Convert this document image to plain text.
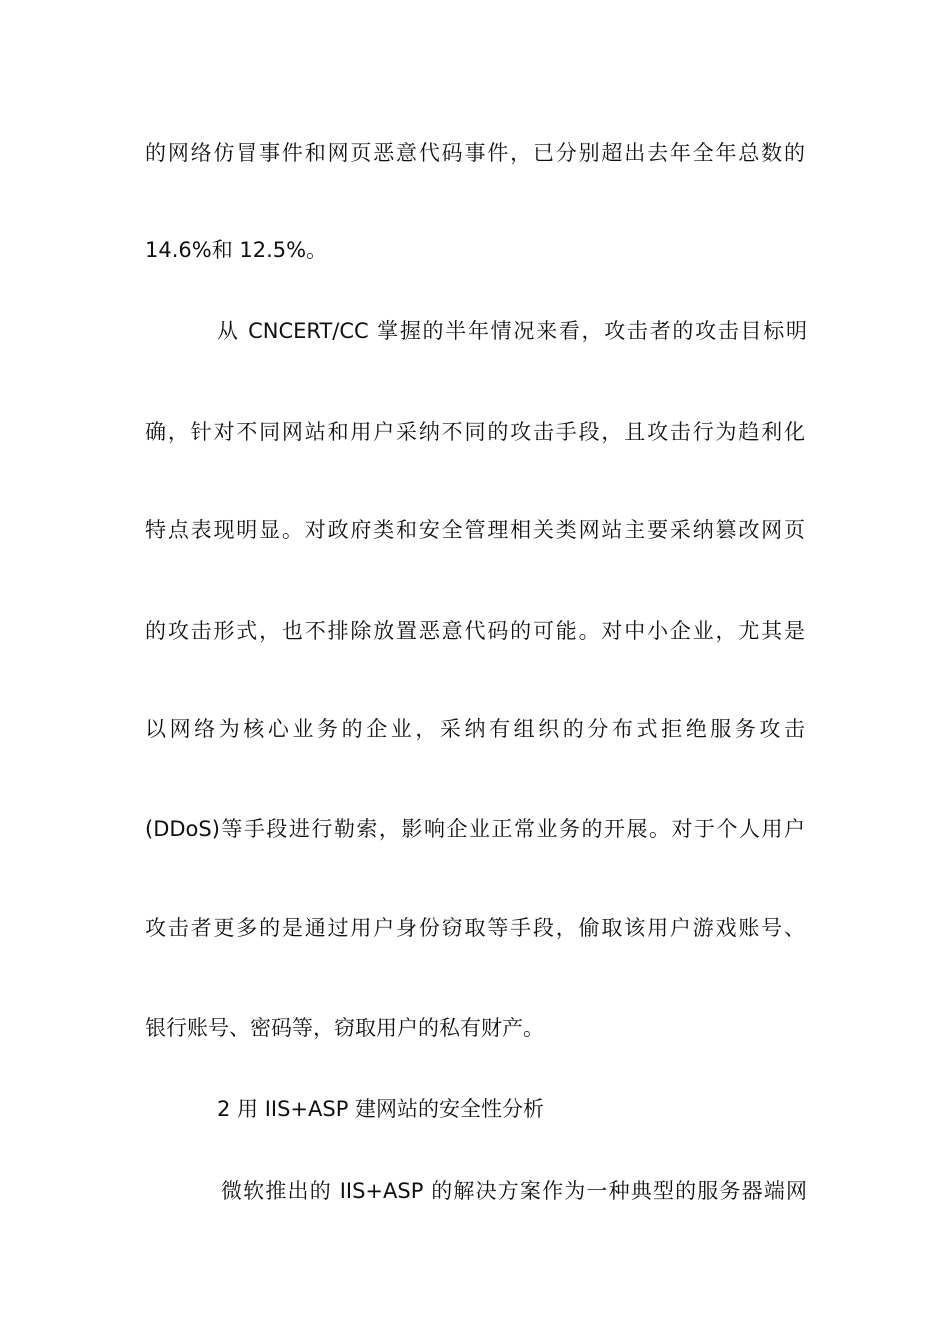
的网络仿冒事件和网页恶意代码事件，已分别超出去年全年总数的
14.6%和 12.5%。
从 CNCERT/CC 掌握的半年情况来看，攻击者的攻击目标明
确，针对不同网站和用户采纳不同的攻击手段，且攻击行为趋利化
特点表现明显。对政府类和安全管理相关类网站主要采纳篡改网页
的攻击形式，也不排除放置恶意代码的可能。对中小企业，尤其是
以网络为核心业务的企业，采纳有组织的分布式拒绝服务攻击
(DDoS)等手段进行勒索，影响企业正常业务的开展。对于个人用户
攻击者更多的是通过用户身份窃取等手段，偷取该用户游戏账号、
银行账号、密码等，窃取用户的私有财产。
2 用 IIS+ASP 建网站的安全性分析
微软推出的 IIS+ASP 的解决方案作为一种典型的服务器端网
